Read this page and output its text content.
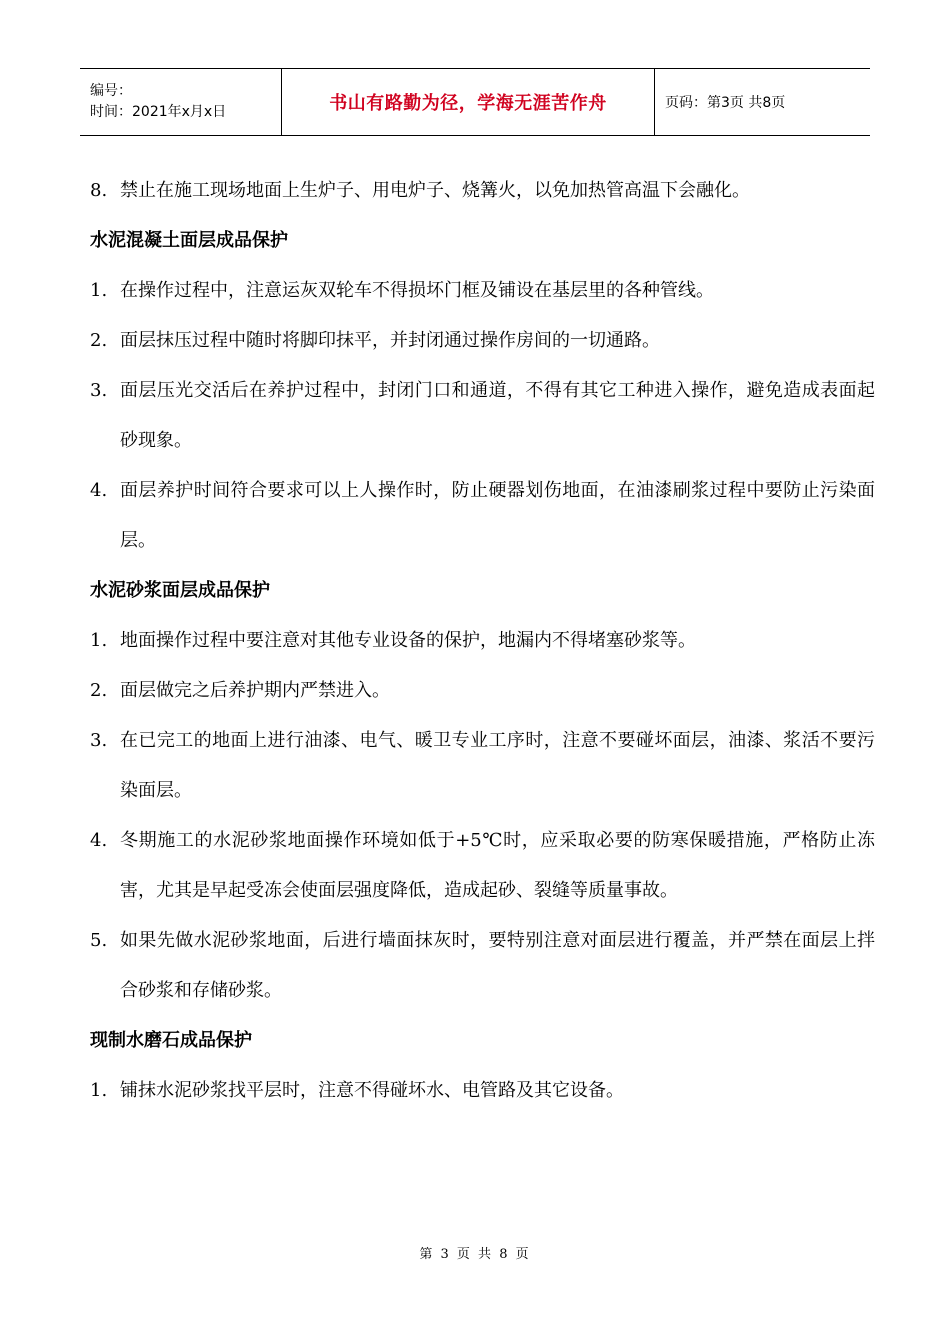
编号：
时间：2021年x月x日	书山有路勤为径，学海无涯苦作舟	页码：第3页 共8页
8. 禁止在施工现场地面上生炉子、用电炉子、烧篝火，以免加热管高温下会融化。
水泥混凝土面层成品保护
1. 在操作过程中，注意运灰双轮车不得损坏门框及铺设在基层里的各种管线。
2. 面层抹压过程中随时将脚印抹平，并封闭通过操作房间的一切通路。
3. 面层压光交活后在养护过程中，封闭门口和通道，不得有其它工种进入操作，避免造成表面起砂现象。
4. 面层养护时间符合要求可以上人操作时，防止硬器划伤地面，在油漆刷浆过程中要防止污染面层。
水泥砂浆面层成品保护
1. 地面操作过程中要注意对其他专业设备的保护，地漏内不得堵塞砂浆等。
2. 面层做完之后养护期内严禁进入。
3. 在已完工的地面上进行油漆、电气、暖卫专业工序时，注意不要碰坏面层，油漆、浆活不要污染面层。
4. 冬期施工的水泥砂浆地面操作环境如低于+5℃时，应采取必要的防寒保暖措施，严格防止冻害，尤其是早起受冻会使面层强度降低，造成起砂、裂缝等质量事故。
5. 如果先做水泥砂浆地面，后进行墙面抹灰时，要特别注意对面层进行覆盖，并严禁在面层上拌合砂浆和存储砂浆。
现制水磨石成品保护
1. 铺抹水泥砂浆找平层时，注意不得碰坏水、电管路及其它设备。
第 3 页 共 8 页
